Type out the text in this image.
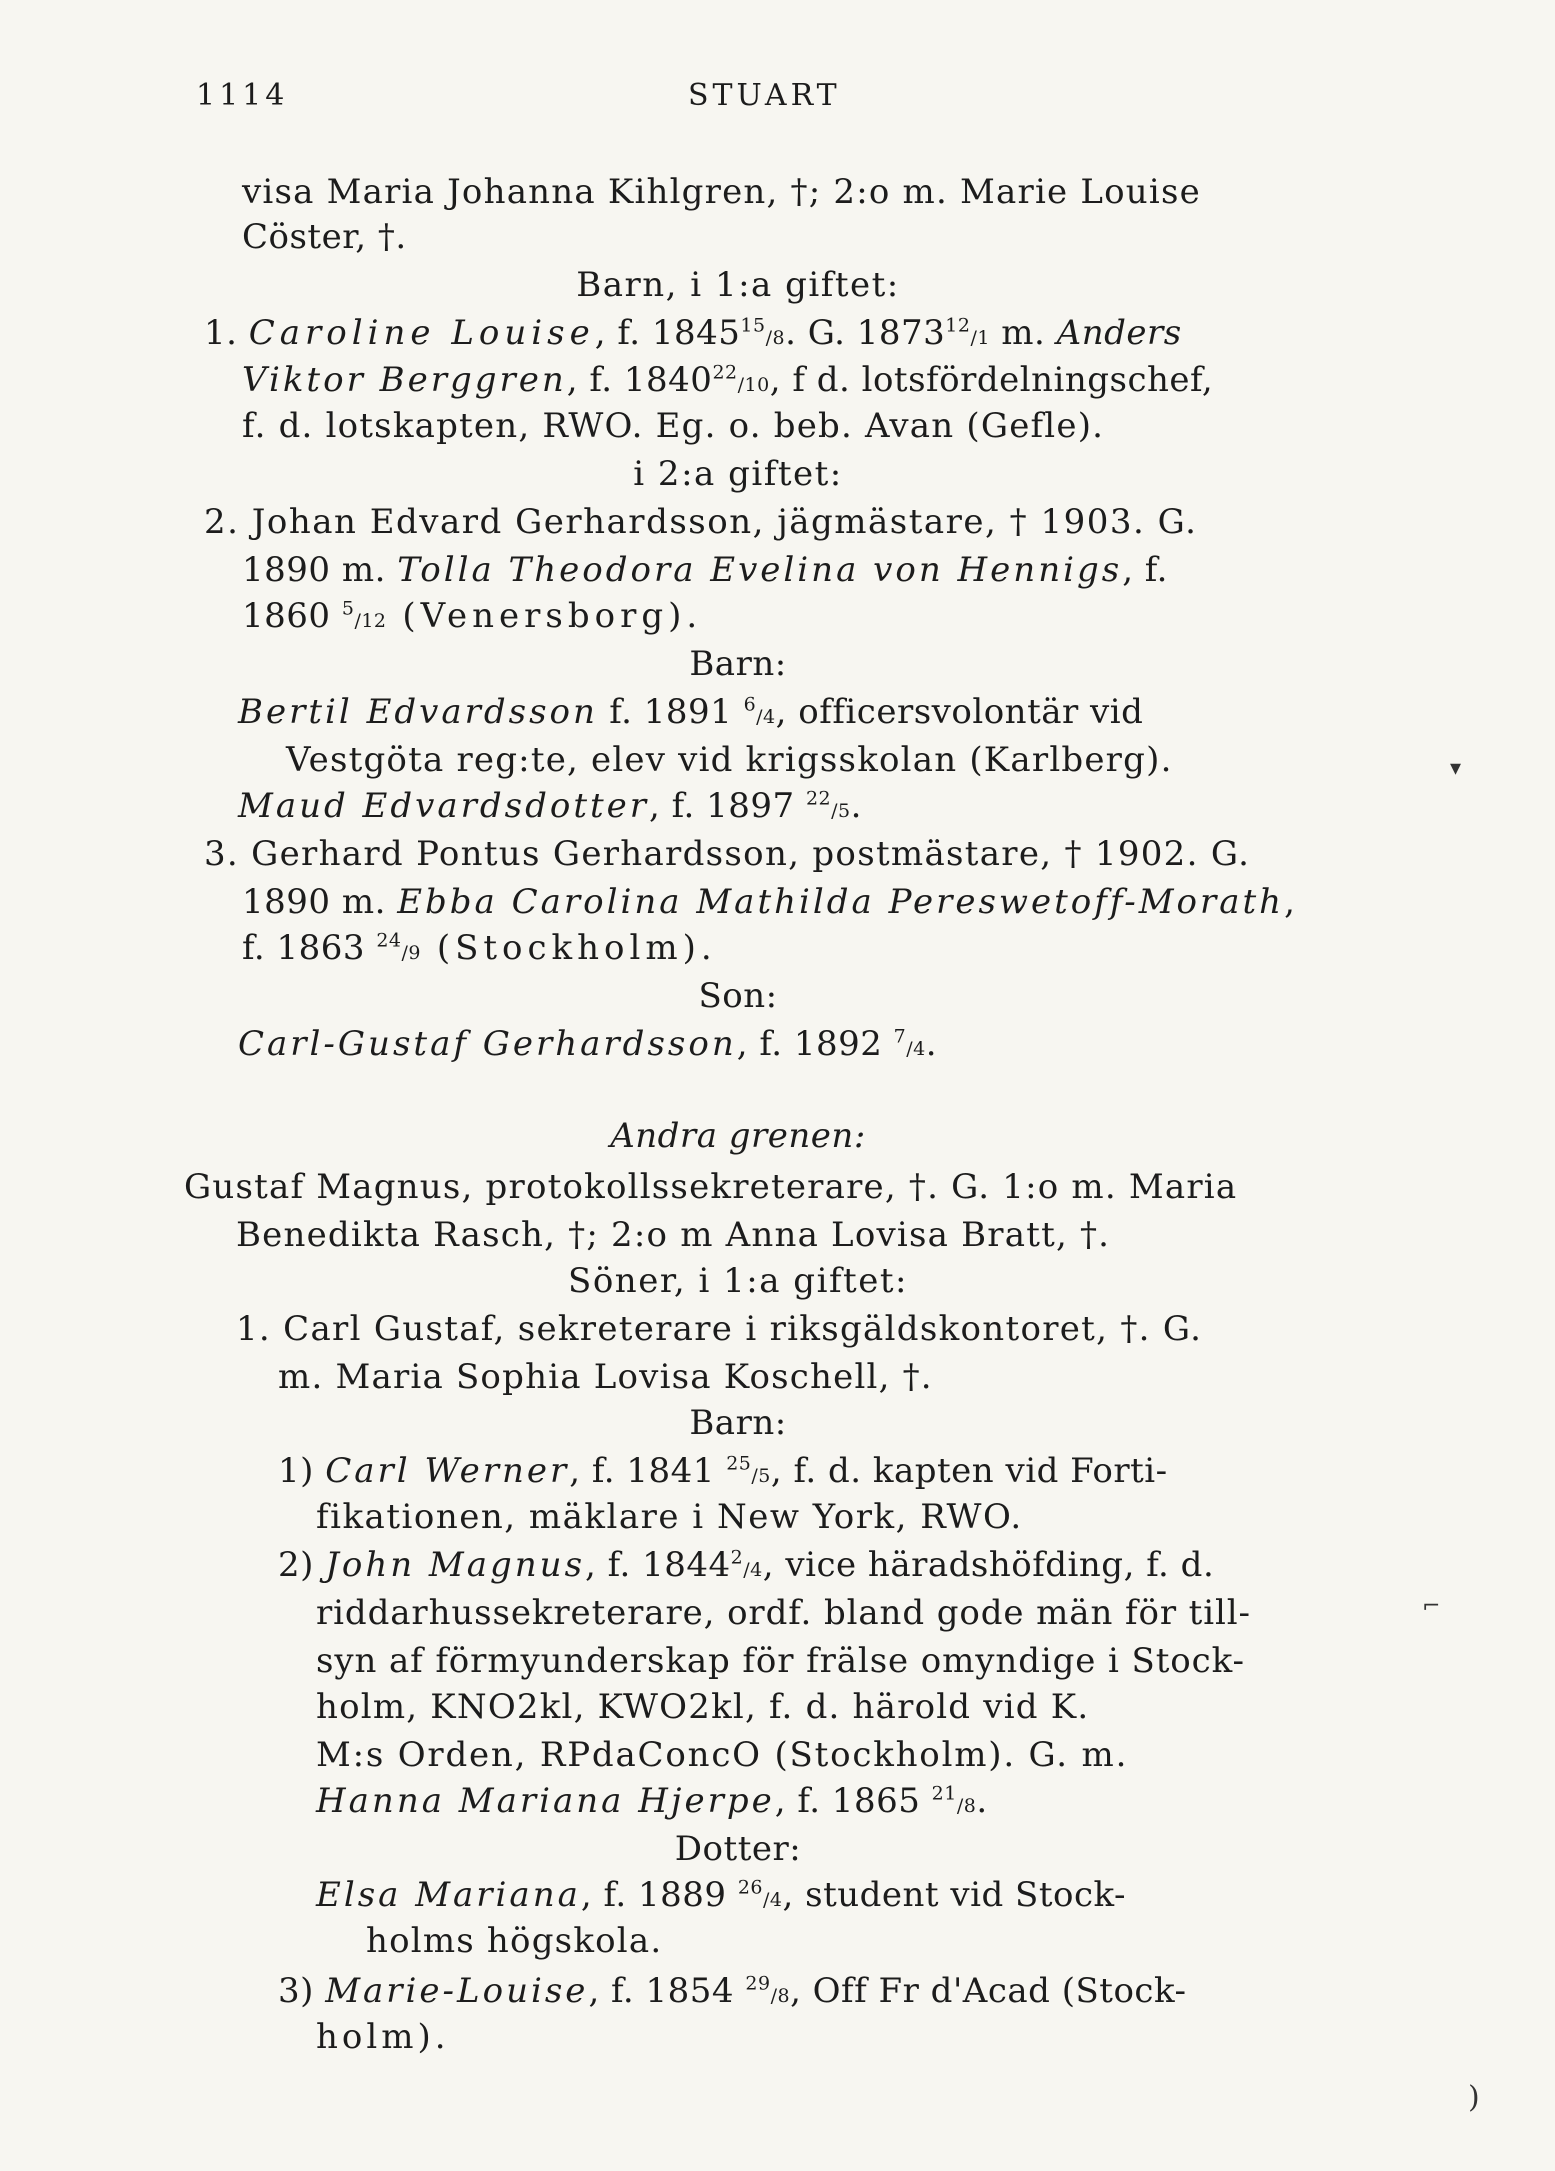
1114	STUART
visa Maria Johanna Kihlgren, †; 2:o m. Marie Louise
Cöster, †.
Barn, i 1:a giftet:
1. Caroline Louise, f. 1845$^{15}$/8. G. 1873$^{12}$/1 m. Anders
Viktor Berggren, f. 1840$^{22}$/10, f d. lotsfördelningschef,
f. d. lotskapten, RWO. Eg. o. beb. Avan (Gefle).
i 2:a giftet:
2. Johan Edvard Gerhardsson, jägmästare, † 1903. G.
1890 m. Tolla Theodora Evelina von Hennigs, f.
1860 $^5$/12 (Venersborg).
Barn:
Bertil Edvardsson f. 1891 $^6$/4, officersvolontär vid
Vestgöta reg:te, elev vid krigsskolan (Karlberg).
Maud Edvardsdotter, f. 1897 $^{22}$/5.
3. Gerhard Pontus Gerhardsson, postmästare, † 1902. G.
1890 m. Ebba Carolina Mathilda Pereswetoff-Morath,
f. 1863 $^{24}$/9 (Stockholm).
Son:
Carl-Gustaf Gerhardsson, f. 1892 $^7$/4.
Andra grenen:
Gustaf Magnus, protokollssekreterare, †. G. 1:o m. Maria
Benedikta Rasch, †; 2:o m Anna Lovisa Bratt, †.
Söner, i 1:a giftet:
1. Carl Gustaf, sekreterare i riksgäldskontoret, †. G.
m. Maria Sophia Lovisa Koschell, †.
Barn:
1) Carl Werner, f. 1841 $^{25}$/5, f. d. kapten vid Forti-
fikationen, mäklare i New York, RWO.
2) John Magnus, f. 1844$^2$/4, vice häradshöfding, f. d.
riddarhussekreterare, ordf. bland gode män för till-
syn af förmyunderskap för frälse omyndige i Stock-
holm, KNO2kl, KWO2kl, f. d. härold vid K.
M:s Orden, RPdaConcO (Stockholm). G. m.
Hanna Mariana Hjerpe, f. 1865 $^{21}$/8.
Dotter:
Elsa Mariana, f. 1889 $^{26}$/4, student vid Stock-
holms högskola.
3) Marie-Louise, f. 1854 $^{29}$/8, Off Fr d'Acad (Stock-
holm).
▾
⌐
)
